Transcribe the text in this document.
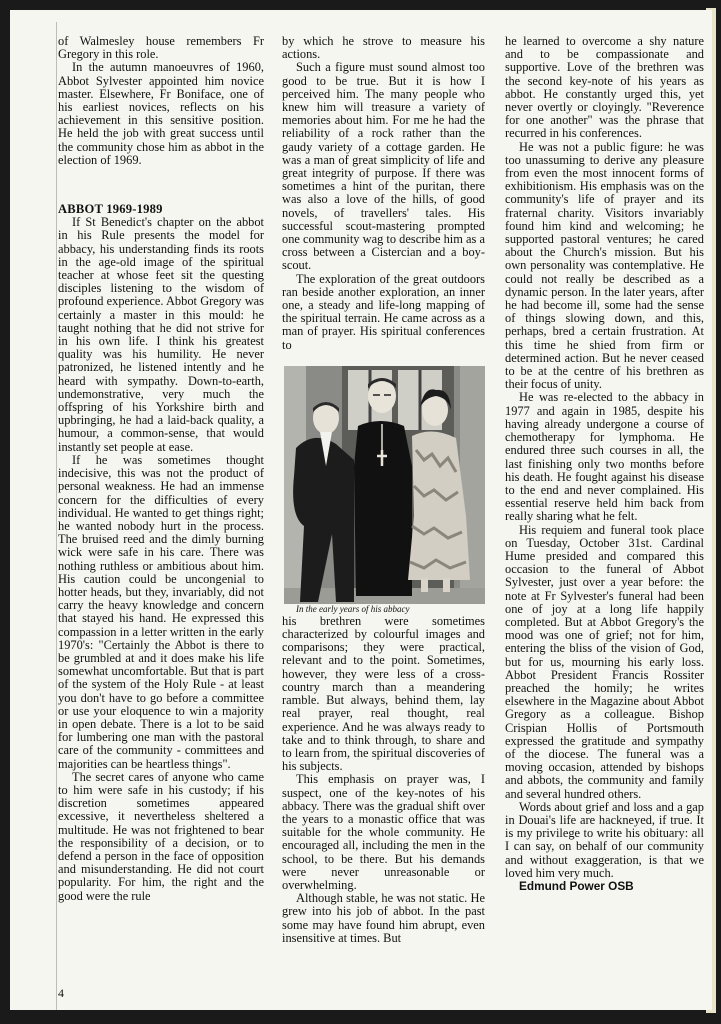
of Walmesley house remembers Fr Gregory in this role.

In the autumn manoeuvres of 1960, Abbot Sylvester appointed him novice master. Elsewhere, Fr Boniface, one of his earliest novices, reflects on his achievement in this sensitive position. He held the job with great success until the community chose him as abbot in the election of 1969.

ABBOT 1969-1989

If St Benedict's chapter on the abbot in his Rule presents the model for abbacy, his understanding finds its roots in the age-old image of the spiritual teacher at whose feet sit the questing disciples listening to the wisdom of profound experience. Abbot Gregory was certainly a master in this mould: he taught nothing that he did not strive for in his own life. I think his greatest quality was his humility. He never patronized, he listened intently and he heard with sympathy. Down-to-earth, undemonstrative, very much the offspring of his Yorkshire birth and upbringing, he had a laid-back quality, a humour, a common-sense, that would instantly set people at ease.

If he was sometimes thought indecisive, this was not the product of personal weakness. He had an immense concern for the difficulties of every individual. He wanted to get things right; he wanted nobody hurt in the process. The bruised reed and the dimly burning wick were safe in his care. There was nothing ruthless or ambitious about him. His caution could be uncongenial to hotter heads, but they, invariably, did not carry the heavy knowledge and concern that stayed his hand. He expressed this compassion in a letter written in the early 1970's: "Certainly the Abbot is there to be grumbled at and it does make his life somewhat uncomfortable. But that is part of the system of the Holy Rule - at least you don't have to go before a committee or use your eloquence to win a majority in open debate. There is a lot to be said for lumbering one man with the pastoral care of the community - committees and majorities can be heartless things".

The secret cares of anyone who came to him were safe in his custody; if his discretion sometimes appeared excessive, it nevertheless sheltered a multitude. He was not frightened to bear the responsibility of a decision, or to defend a person in the face of opposition and misunderstanding. He did not court popularity. For him, the right and the good were the rule

by which he strove to measure his actions.

Such a figure must sound almost too good to be true. But it is how I perceived him. The many people who knew him will treasure a variety of memories about him. For me he had the reliability of a rock rather than the gaudy variety of a cottage garden. He was a man of great simplicity of life and great integrity of purpose. If there was sometimes a hint of the puritan, there was also a love of the hills, of good novels, of travellers' tales. His successful scout-mastering prompted one community wag to describe him as a cross between a Cistercian and a boy-scout.

The exploration of the great outdoors ran beside another exploration, an inner one, a steady and life-long mapping of the spiritual terrain. He came across as a man of prayer. His spiritual conferences to

In the early years of his abbacy

his brethren were sometimes characterized by colourful images and comparisons; they were practical, relevant and to the point. Sometimes, however, they were less of a cross-country march than a meandering ramble. But always, behind them, lay real prayer, real thought, real experience. And he was always ready to take and to think through, to share and to learn from, the spiritual discoveries of his subjects.

This emphasis on prayer was, I suspect, one of the key-notes of his abbacy. There was the gradual shift over the years to a monastic office that was suitable for the whole community. He encouraged all, including the men in the school, to be there. But his demands were never unreasonable or overwhelming.

Although stable, he was not static. He grew into his job of abbot. In the past some may have found him abrupt, even insensitive at times. But

he learned to overcome a shy nature and to be compassionate and supportive. Love of the brethren was the second key-note of his years as abbot. He constantly urged this, yet never overtly or cloyingly. "Reverence for one another" was the phrase that recurred in his conferences.

He was not a public figure: he was too unassuming to derive any pleasure from even the most innocent forms of exhibitionism. His emphasis was on the community's life of prayer and its fraternal charity. Visitors invariably found him kind and welcoming; he supported pastoral ventures; he cared about the Church's mission. But his own personality was contemplative. He could not really be described as a dynamic person. In the later years, after he had become ill, some had the sense of things slowing down, and this, perhaps, bred a certain frustration. At this time he shied from firm or determined action. But he never ceased to be at the centre of his brethren as their focus of unity.

He was re-elected to the abbacy in 1977 and again in 1985, despite his having already undergone a course of chemotherapy for lymphoma. He endured three such courses in all, the last finishing only two months before his death. He fought against his disease to the end and never complained. His essential reserve held him back from really sharing what he felt.

His requiem and funeral took place on Tuesday, October 31st. Cardinal Hume presided and compared this occasion to the funeral of Abbot Sylvester, just over a year before: the note at Fr Sylvester's funeral had been one of joy at a long life happily completed. But at Abbot Gregory's the mood was one of grief; not for him, entering the bliss of the vision of God, but for us, mourning his early loss. Abbot President Francis Rossiter preached the homily; he writes elsewhere in the Magazine about Abbot Gregory as a colleague. Bishop Crispian Hollis of Portsmouth expressed the gratitude and sympathy of the diocese. The funeral was a moving occasion, attended by bishops and abbots, the community and family and several hundred others.

Words about grief and loss and a gap in Douai's life are hackneyed, if true. It is my privilege to write his obituary: all I can say, on behalf of our community and without exaggeration, is that we loved him very much.

Edmund Power OSB

4
